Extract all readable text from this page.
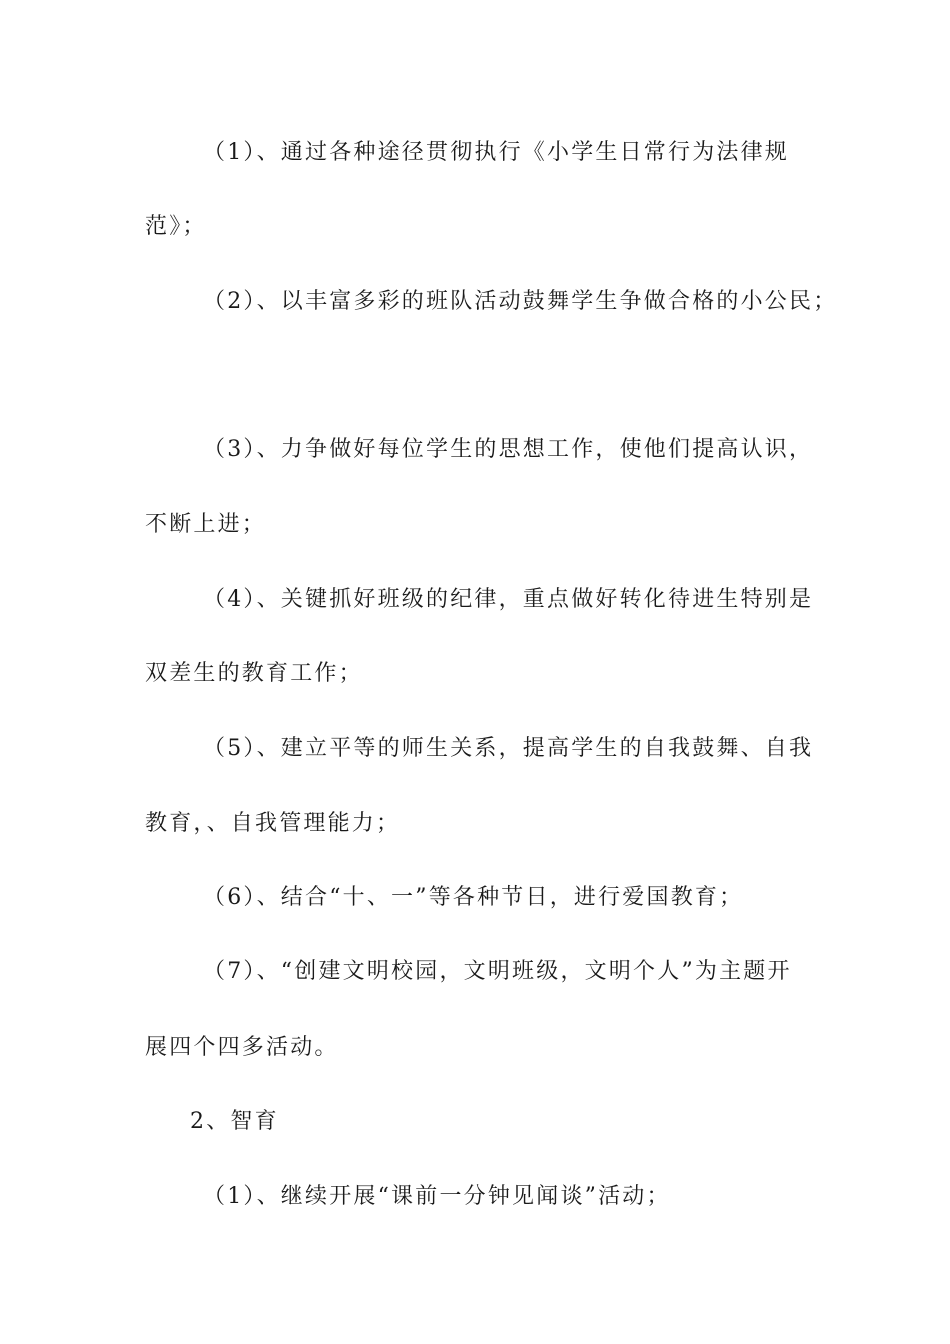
（1）、通过各种途径贯彻执行《小学生日常行为法律规
范》；
（2）、以丰富多彩的班队活动鼓舞学生争做合格的小公民；
（3）、力争做好每位学生的思想工作，使他们提高认识，
不断上进；
（4）、关键抓好班级的纪律，重点做好转化待进生特别是
双差生的教育工作；
（5）、建立平等的师生关系，提高学生的自我鼓舞、自我
教育，、自我管理能力；
（6）、结合“十、一”等各种节日，进行爱国教育；
（7）、“创建文明校园，文明班级，文明个人”为主题开
展四个四多活动。
2、智育
（1）、继续开展“课前一分钟见闻谈”活动；
